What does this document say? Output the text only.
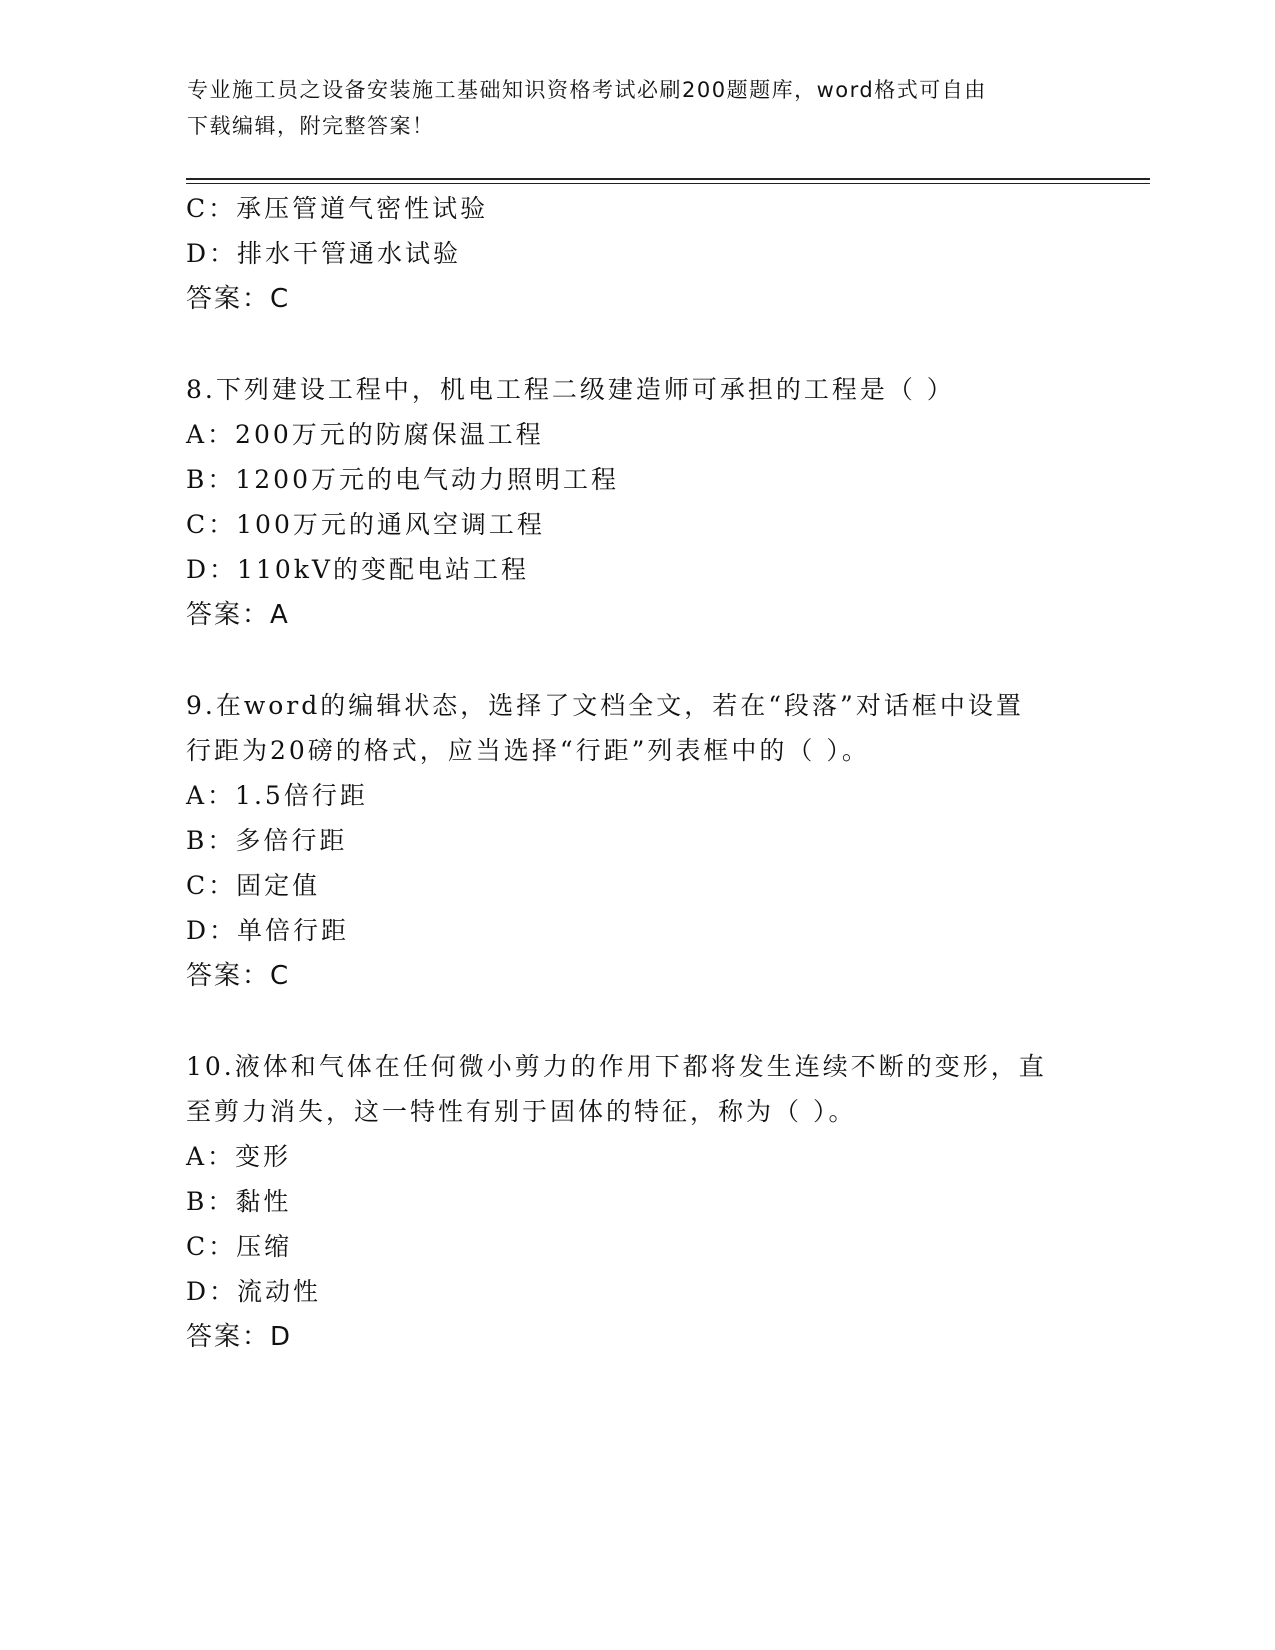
专业施工员之设备安装施工基础知识资格考试必刷200题题库，word格式可自由
下载编辑，附完整答案！
C：承压管道气密性试验
D：排水干管通水试验
答案：C
8.下列建设工程中，机电工程二级建造师可承担的工程是（ ）
A：200万元的防腐保温工程
B：1200万元的电气动力照明工程
C：100万元的通风空调工程
D：110kV的变配电站工程
答案：A
9.在word的编辑状态，选择了文档全文，若在“段落”对话框中设置
行距为20磅的格式，应当选择“行距”列表框中的（ ）。
A：1.5倍行距
B：多倍行距
C：固定值
D：单倍行距
答案：C
10.液体和气体在任何微小剪力的作用下都将发生连续不断的变形，直
至剪力消失，这一特性有别于固体的特征，称为（ ）。
A：变形
B：黏性
C：压缩
D：流动性
答案：D
